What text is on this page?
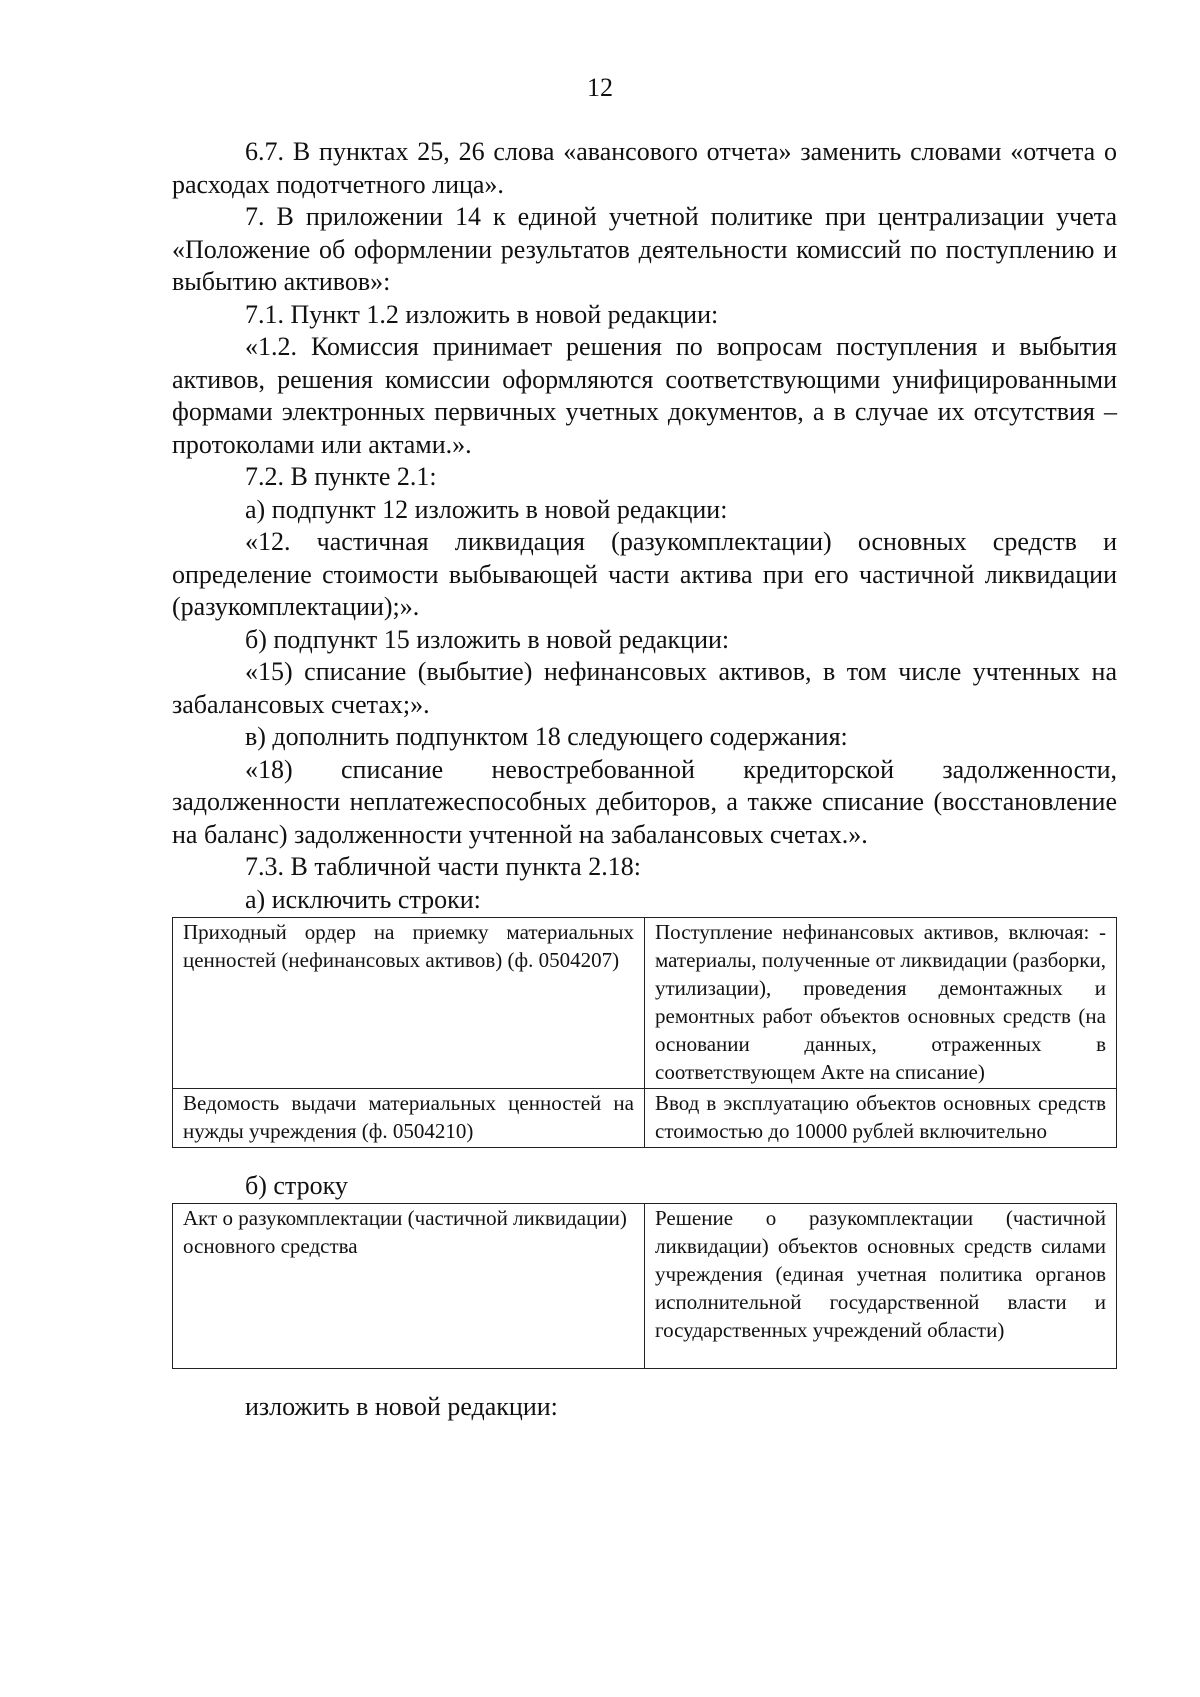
12

6.7. В пунктах 25, 26 слова «авансового отчета» заменить словами «отчета о расходах подотчетного лица».

7. В приложении 14 к единой учетной политике при централизации учета «Положение об оформлении результатов деятельности комиссий по поступлению и выбытию активов»:

7.1. Пункт 1.2 изложить в новой редакции:

«1.2. Комиссия принимает решения по вопросам поступления и выбытия активов, решения комиссии оформляются соответствующими унифицированными формами электронных первичных учетных документов, а в случае их отсутствия – протоколами или актами.».

7.2. В пункте 2.1:

а) подпункт 12 изложить в новой редакции:

«12. частичная ликвидация (разукомплектации) основных средств и определение стоимости выбывающей части актива при его частичной ликвидации (разукомплектации);».

б) подпункт 15 изложить в новой редакции:

«15) списание (выбытие) нефинансовых активов, в том числе учтенных на забалансовых счетах;».

в) дополнить подпунктом 18 следующего содержания:

«18) списание невостребованной кредиторской задолженности, задолженности неплатежеспособных дебиторов, а также списание (восстановление на баланс) задолженности учтенной на забалансовых счетах.».

7.3. В табличной части пункта 2.18:

а) исключить строки:

Приходный ордер на приемку материальных ценностей (нефинансовых активов) (ф. 0504207)	Поступление нефинансовых активов, включая: - материалы, полученные от ликвидации (разборки, утилизации), проведения демонтажных и ремонтных работ объектов основных средств (на основании данных, отраженных в соответствующем Акте на списание)
Ведомость выдачи материальных ценностей на нужды учреждения (ф. 0504210)	Ввод в эксплуатацию объектов основных средств стоимостью до 10000 рублей включительно

б) строку

Акт о разукомплектации (частичной ликвидации) основного средства	Решение о разукомплектации (частичной ликвидации) объектов основных средств силами учреждения (единая учетная политика органов исполнительной государственной власти и государственных учреждений области)

изложить в новой редакции:
